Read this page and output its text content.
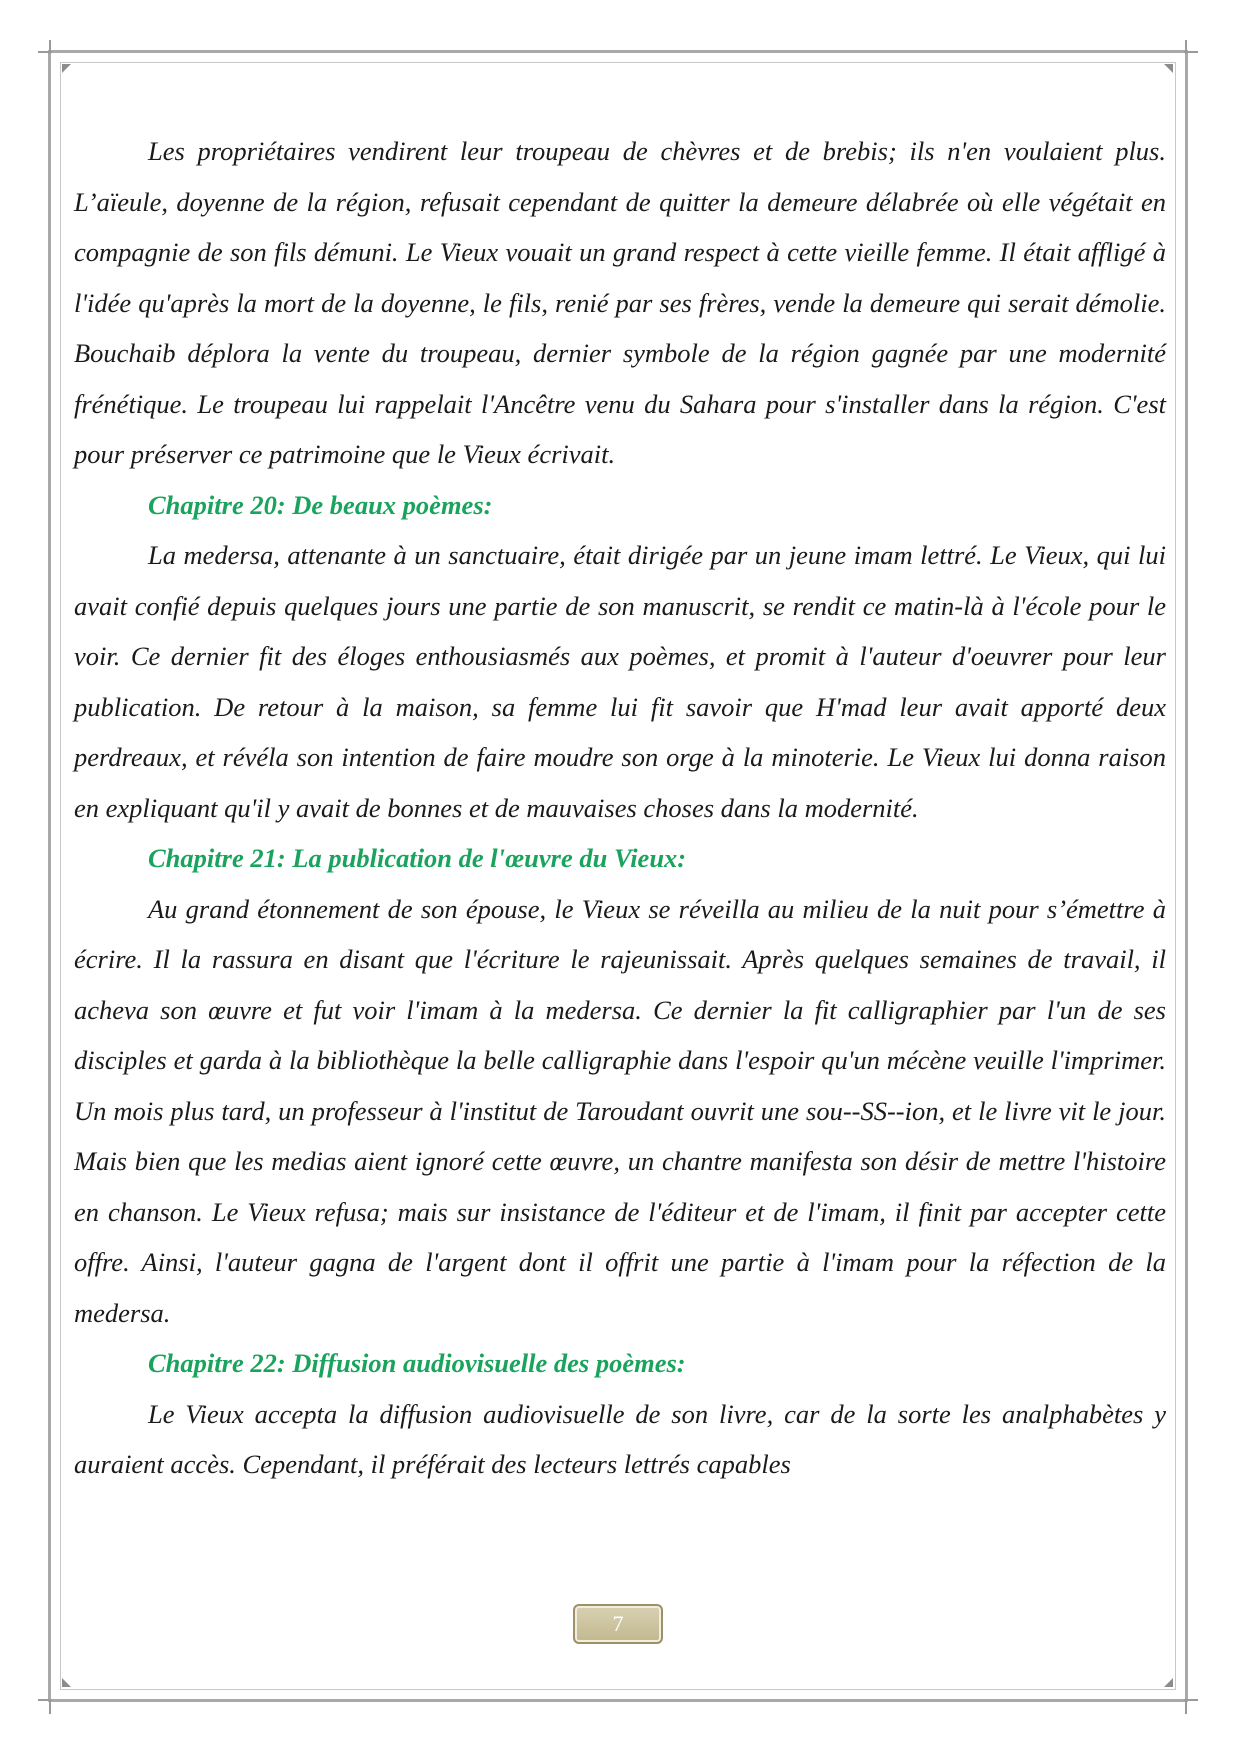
Les propriétaires vendirent leur troupeau de chèvres et de brebis; ils n'en voulaient plus. L’aïeule, doyenne de la région, refusait cependant de quitter la demeure délabrée où elle végétait en compagnie de son fils démuni. Le Vieux vouait un grand respect à cette vieille femme. Il était affligé à l'idée qu'après la mort de la doyenne, le fils, renié par ses frères, vende la demeure qui serait démolie. Bouchaib déplora la vente du troupeau, dernier symbole de la région gagnée par une modernité frénétique. Le troupeau lui rappelait l'Ancêtre venu du Sahara pour s'installer dans la région. C'est pour préserver ce patrimoine que le Vieux écrivait.

Chapitre 20: De beaux poèmes:

La medersa, attenante à un sanctuaire, était dirigée par un jeune imam lettré. Le Vieux, qui lui avait confié depuis quelques jours une partie de son manuscrit, se rendit ce matin-là à l'école pour le voir. Ce dernier fit des éloges enthousiasmés aux poèmes, et promit à l'auteur d'oeuvrer pour leur publication. De retour à la maison, sa femme lui fit savoir que H'mad leur avait apporté deux perdreaux, et révéla son intention de faire moudre son orge à la minoterie. Le Vieux lui donna raison en expliquant qu'il y avait de bonnes et de mauvaises choses dans la modernité.

Chapitre 21: La publication de l'œuvre du Vieux:

Au grand étonnement de son épouse, le Vieux se réveilla au milieu de la nuit pour s’émettre à écrire. Il la rassura en disant que l'écriture le rajeunissait. Après quelques semaines de travail, il acheva son œuvre et fut voir l'imam à la medersa. Ce dernier la fit calligraphier par l'un de ses disciples et garda à la bibliothèque la belle calligraphie dans l'espoir qu'un mécène veuille l'imprimer. Un mois plus tard, un professeur à l'institut de Taroudant ouvrit une sou--SS--ion, et le livre vit le jour. Mais bien que les medias aient ignoré cette œuvre, un chantre manifesta son désir de mettre l'histoire en chanson. Le Vieux refusa; mais sur insistance de l'éditeur et de l'imam, il finit par accepter cette offre. Ainsi, l'auteur gagna de l'argent dont il offrit une partie à l'imam pour la réfection de la medersa.

Chapitre 22: Diffusion audiovisuelle des poèmes:

Le Vieux accepta la diffusion audiovisuelle de son livre, car de la sorte les analphabètes y auraient accès. Cependant, il préférait des lecteurs lettrés capables

7
